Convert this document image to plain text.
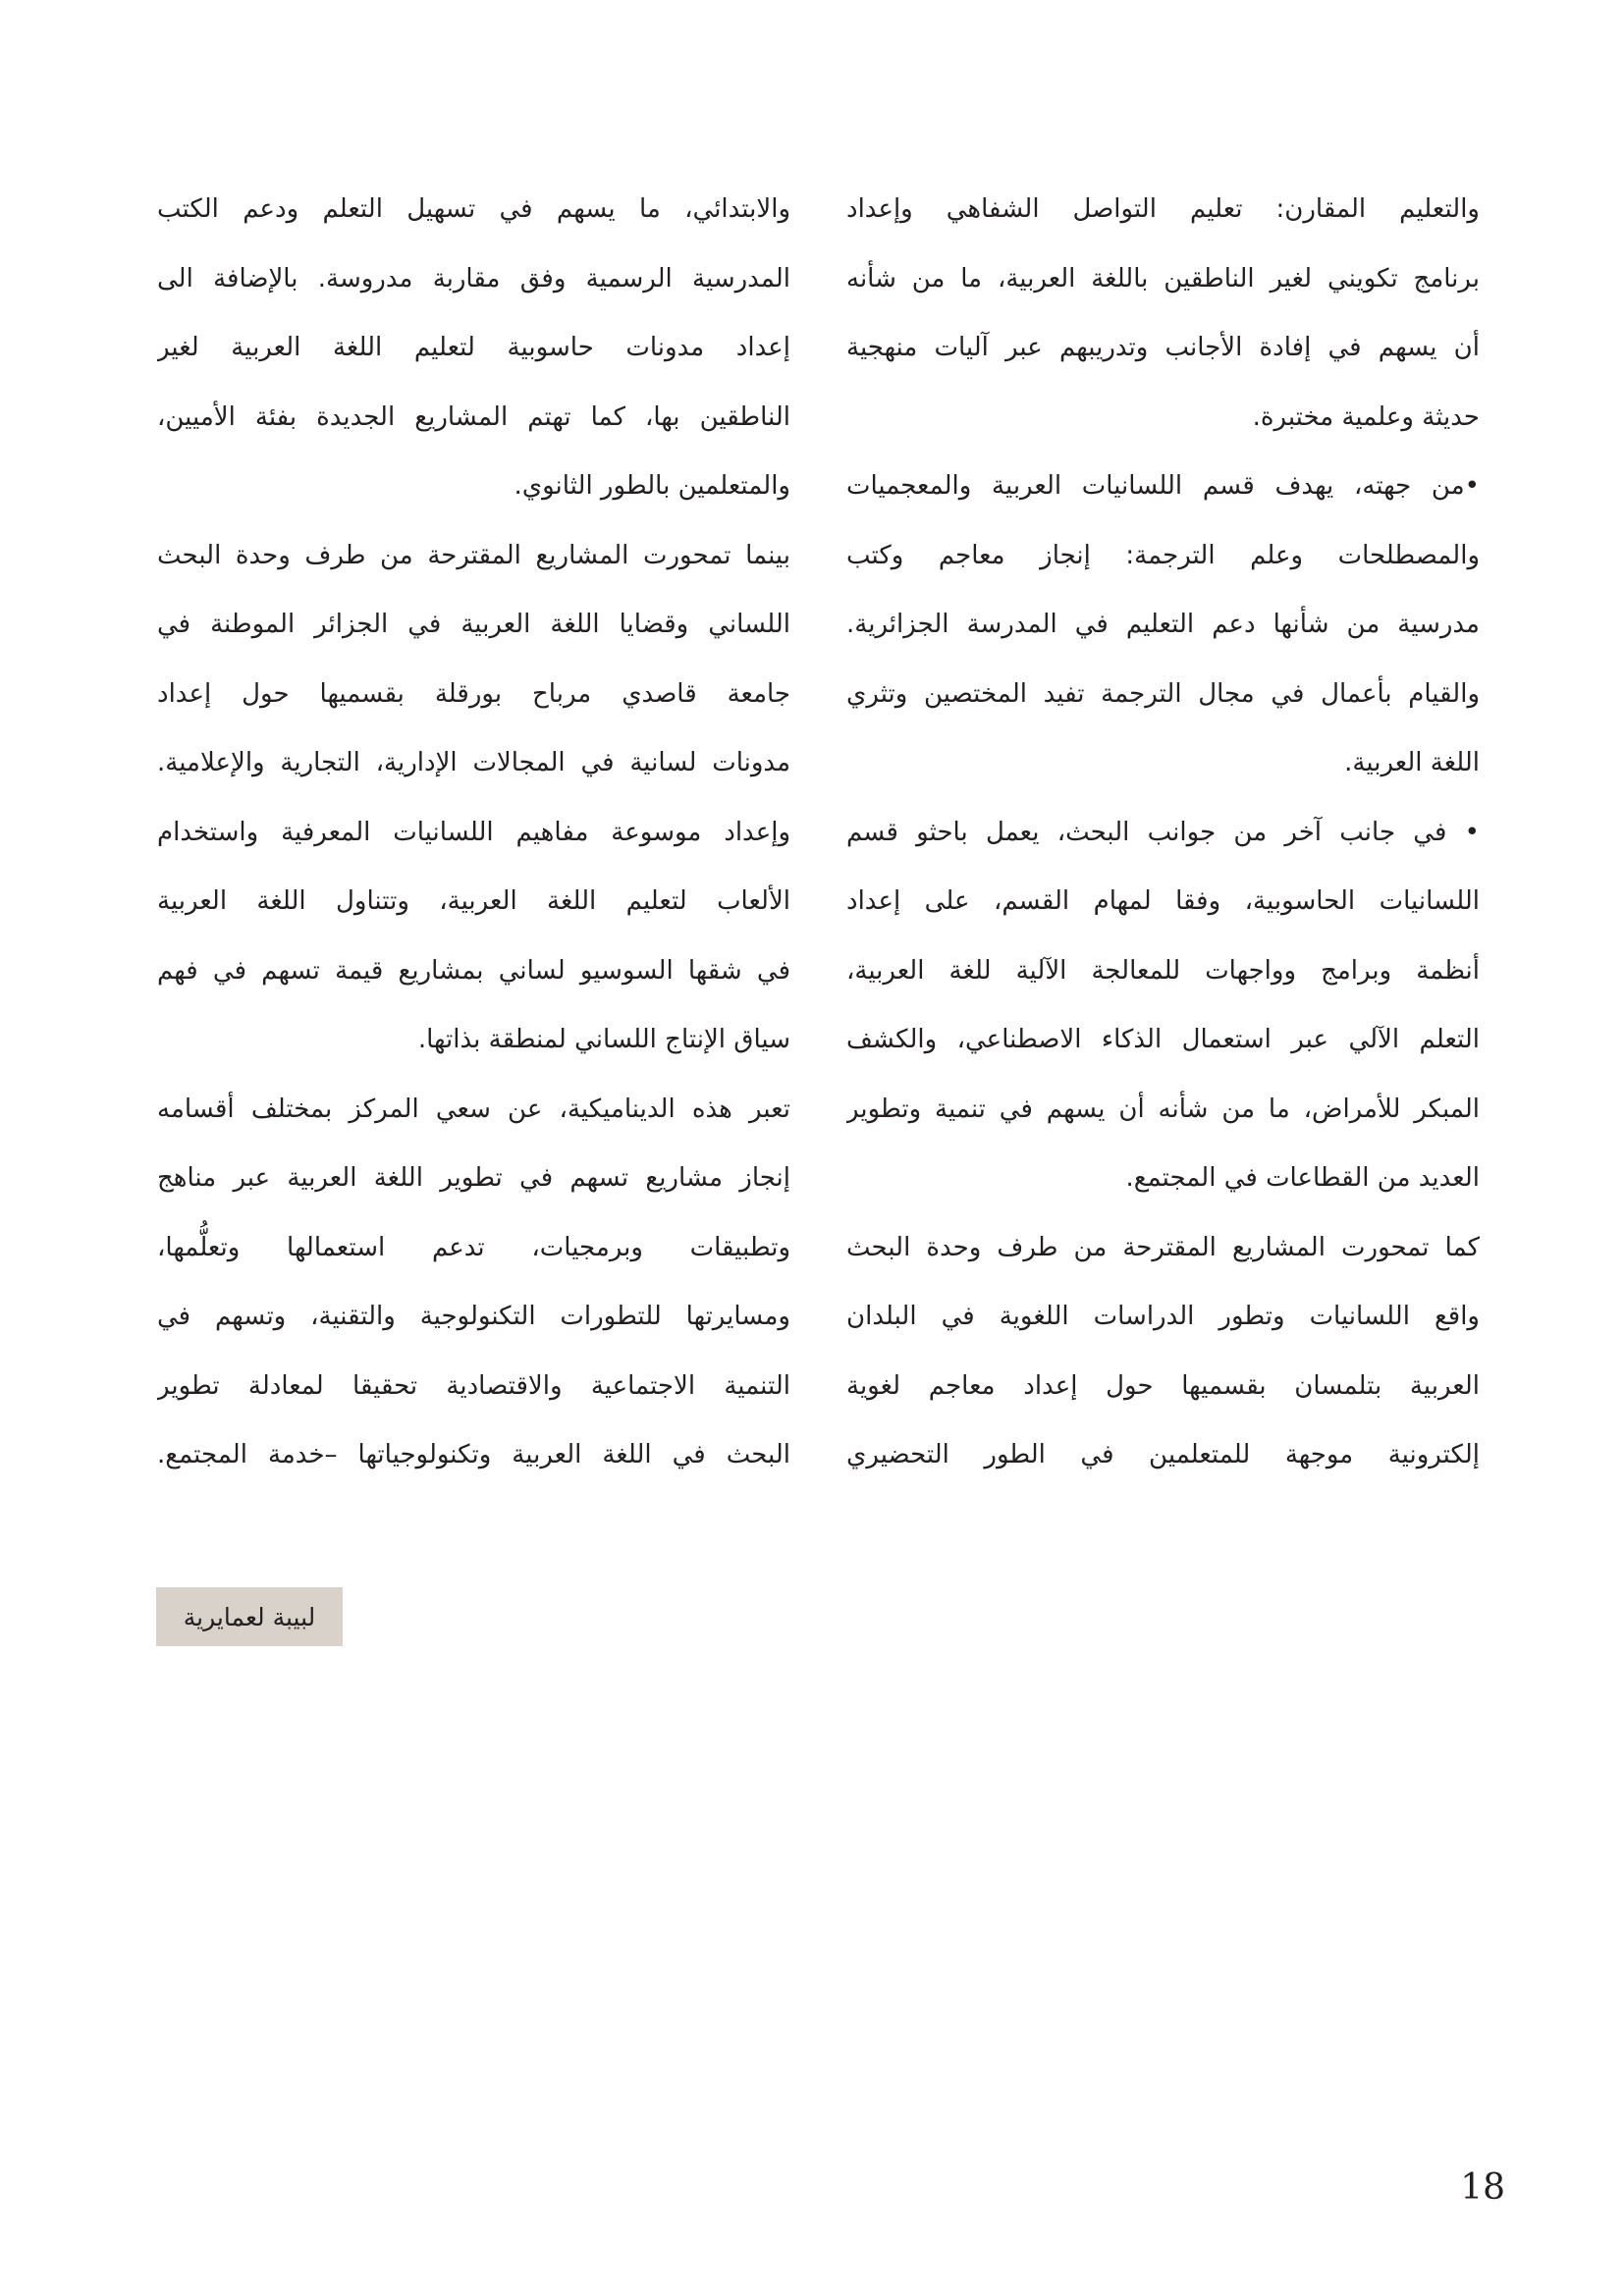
والتعليم المقارن: تعليم التواصل الشفاهي وإعداد
برنامج تكويني لغير الناطقين باللغة العربية، ما من شأنه
أن يسهم في إفادة الأجانب وتدريبهم عبر آليات منهجية
حديثة وعلمية مختبرة.
•من جهته، يهدف قسم اللسانيات العربية والمعجميات
والمصطلحات وعلم الترجمة: إنجاز معاجم وكتب
مدرسية من شأنها دعم التعليم في المدرسة الجزائرية.
والقيام بأعمال في مجال الترجمة تفيد المختصين وتثري
اللغة العربية.
• في جانب آخر من جوانب البحث، يعمل باحثو قسم
اللسانيات الحاسوبية، وفقا لمهام القسم، على إعداد
أنظمة وبرامج وواجهات للمعالجة الآلية للغة العربية،
التعلم الآلي عبر استعمال الذكاء الاصطناعي، والكشف
المبكر للأمراض، ما من شأنه أن يسهم في تنمية وتطوير
العديد من القطاعات في المجتمع.
كما تمحورت المشاريع المقترحة من طرف وحدة البحث
واقع اللسانيات وتطور الدراسات اللغوية في البلدان
العربية بتلمسان بقسميها حول إعداد معاجم لغوية
إلكترونية موجهة للمتعلمين في الطور التحضيري
والابتدائي، ما يسهم في تسهيل التعلم ودعم الكتب
المدرسية الرسمية وفق مقاربة مدروسة. بالإضافة الى
إعداد مدونات حاسوبية لتعليم اللغة العربية لغير
الناطقين بها، كما تهتم المشاريع الجديدة بفئة الأميين،
والمتعلمين بالطور الثانوي.
بينما تمحورت المشاريع المقترحة من طرف وحدة البحث
اللساني وقضايا اللغة العربية في الجزائر الموطنة في
جامعة قاصدي مرباح بورقلة بقسميها حول إعداد
مدونات لسانية في المجالات الإدارية، التجارية والإعلامية.
وإعداد موسوعة مفاهيم اللسانيات المعرفية واستخدام
الألعاب لتعليم اللغة العربية، وتتناول اللغة العربية
في شقها السوسيو لساني بمشاريع قيمة تسهم في فهم
سياق الإنتاج اللساني لمنطقة بذاتها.
تعبر هذه الديناميكية، عن سعي المركز بمختلف أقسامه
إنجاز مشاريع تسهم في تطوير اللغة العربية عبر مناهج
وتطبيقات وبرمجيات، تدعم استعمالها وتعلُّمها،
ومسايرتها للتطورات التكنولوجية والتقنية، وتسهم في
التنمية الاجتماعية والاقتصادية تحقيقا لمعادلة تطوير
البحث في اللغة العربية وتكنولوجياتها –خدمة المجتمع.
لبيبة لعمايرية
18
